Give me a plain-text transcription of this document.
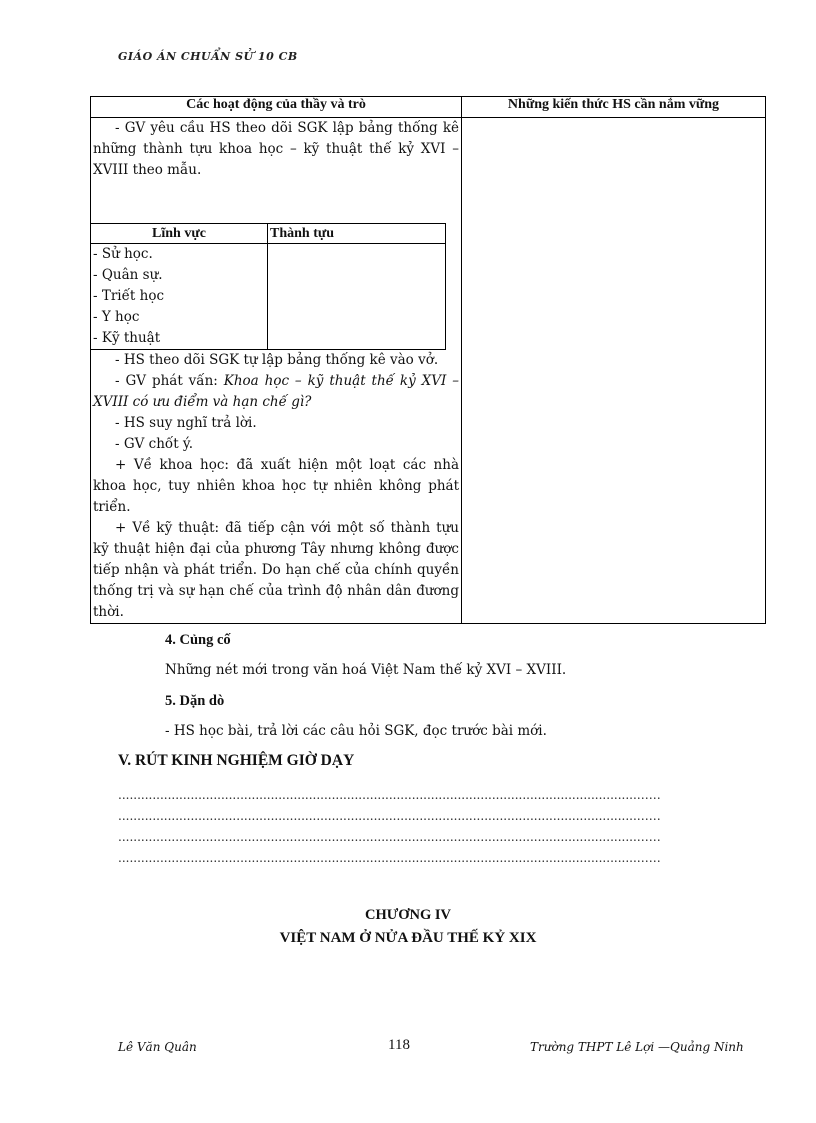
GIÁO ÁN CHUẨN SỬ 10 CB
Các hoạt động của thầy và trò	Những kiến thức HS cần nắm vững

- GV yêu cầu HS theo dõi SGK lập bảng thống kê những thành tựu khoa học – kỹ thuật thế kỷ XVI – XVIII theo mẫu.

Lĩnh vực	Thành tựu

- Sử học.
- Quân sự.
- Triết học
- Y học
- Kỹ thuật

- HS theo dõi SGK tự lập bảng thống kê vào vở.

- GV phát vấn: Khoa học – kỹ thuật thế kỷ XVI – XVIII có ưu điểm và hạn chế gì?

- HS suy nghĩ trả lời.

- GV chốt ý.

+ Về khoa học: đã xuất hiện một loạt các nhà khoa học, tuy nhiên khoa học tự nhiên không phát triển.

+ Về kỹ thuật: đã tiếp cận với một số thành tựu kỹ thuật hiện đại của phương Tây nhưng không được tiếp nhận và phát triển. Do hạn chế của chính quyền thống trị và sự hạn chế của trình độ nhân dân đương thời.

4. Củng cố
Những nét mới trong văn hoá Việt Nam thế kỷ XVI – XVIII.
5. Dặn dò
- HS học bài, trả lời các câu hỏi SGK, đọc trước bài mới.
V. RÚT KINH NGHIỆM GIỜ DẠY
........................................................................................................................................……
........................................................................................................................................……
........................................................................................................................................……
........................................................................................................................................……
CHƯƠNG IV
VIỆT NAM Ở NỬA ĐẦU THẾ KỶ XIX
Lê Văn Quân	118	Trường THPT Lê Lợi —Quảng Ninh
